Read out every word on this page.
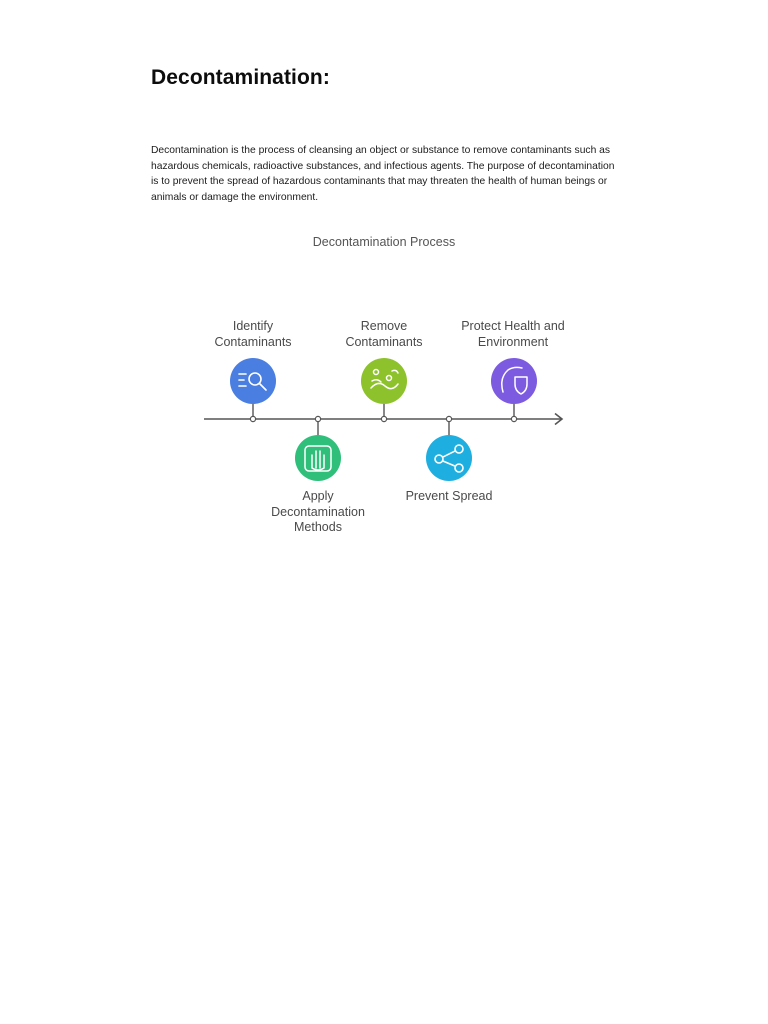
Decontamination:

Decontamination is the process of cleansing an object or substance to remove contaminants such as hazardous chemicals, radioactive substances, and infectious agents. The purpose of decontamination is to prevent the spread of hazardous contaminants that may threaten the health of human beings or animals or damage the environment.

Decontamination Process
Identify Contaminants
Apply Decontamination Methods
Remove Contaminants
Prevent Spread
Protect Health and Environment
